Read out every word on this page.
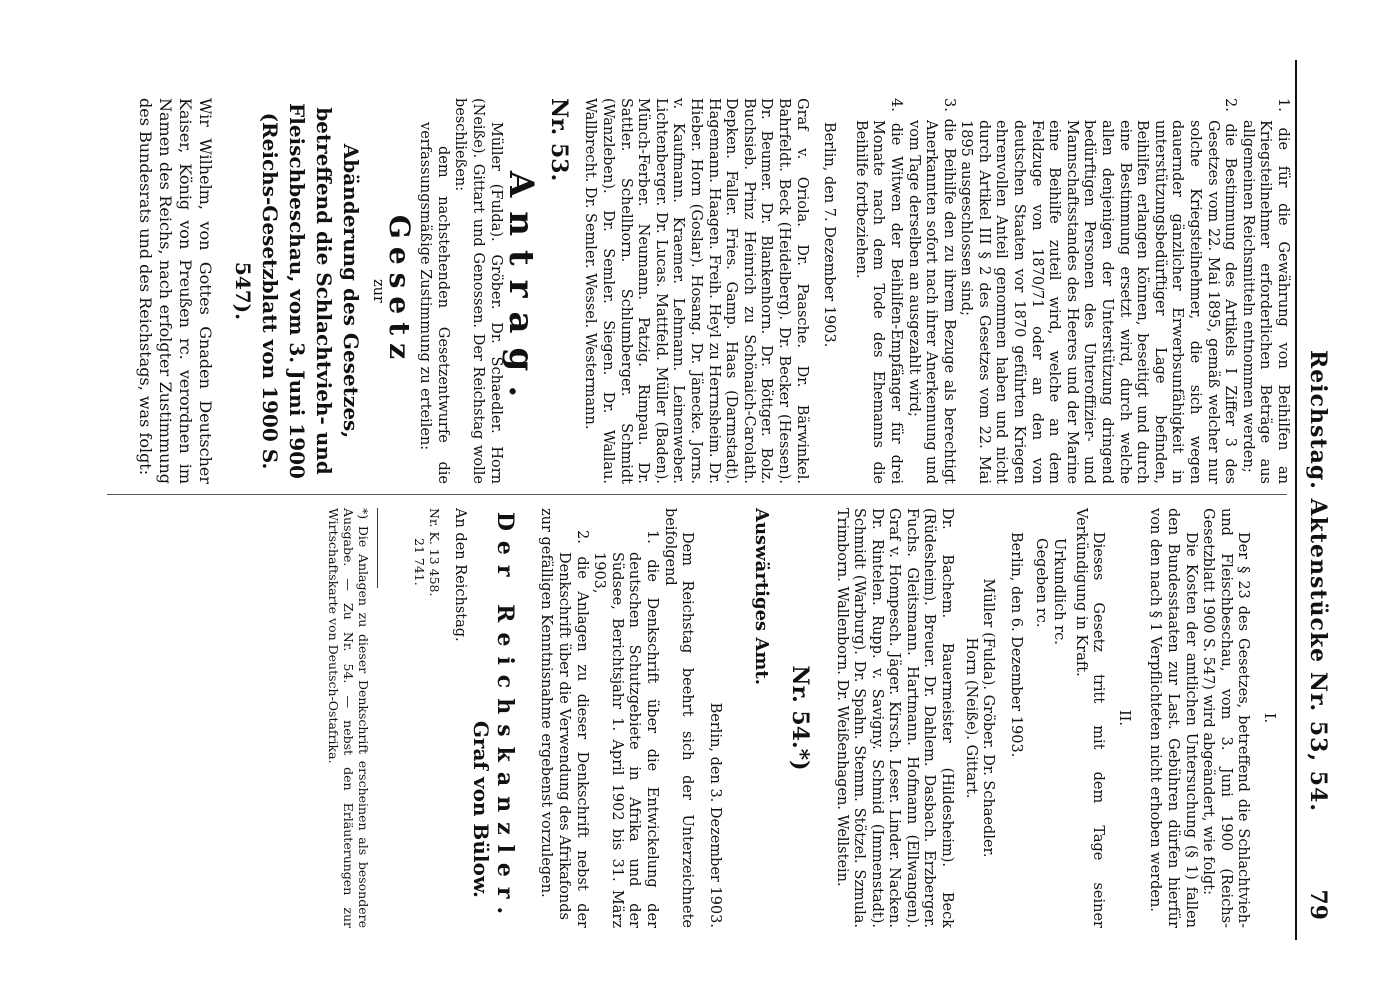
Reichstag. Aktenstücke Nr. 53, 54.
79

1. die für die Gewährung von Beihilfen an Kriegsteilnehmer erforderlichen Beträge aus allgemeinen Reichsmitteln entnommen werden;

2. die Bestimmung des Artikels I Ziffer 3 des Gesetzes vom 22. Mai 1895, gemäß welcher nur solche Kriegsteilnehmer, die sich wegen dauernder gänzlicher Erwerbsunfähigkeit in unterstützungsbedürftiger Lage befinden, Beihilfen erlangen können, beseitigt und durch eine Bestimmung ersetzt wird, durch welche allen denjenigen der Unterstützung dringend bedürftigen Personen des Unteroffizier- und Mannschaftsstandes des Heeres und der Marine eine Beihilfe zuteil wird, welche an dem Feldzuge von 1870/71 oder an den von deutschen Staaten vor 1870 geführten Kriegen ehrenvollen Anteil genommen haben und nicht durch Artikel III § 2 des Gesetzes vom 22. Mai 1895 ausgeschlossen sind;

3. die Beihilfe den zu ihrem Bezuge als berechtigt Anerkannten sofort nach ihrer Anerkennung und vom Tage derselben an ausgezahlt wird;

4. die Witwen der Beihilfen-Empfänger für drei Monate nach dem Tode des Ehemanns die Beihilfe fortbeziehen.

Berlin, den 7. Dezember 1903.

Graf v. Oriola. Dr. Paasche. Dr. Bärwinkel. Bahrfeldt. Beck (Heidelberg). Dr. Becker (Hessen). Dr. Beumer. Dr. Blankenhorn. Dr. Böttger. Bolz. Buchsieb. Prinz Heinrich zu Schönaich-Carolath. Depken. Faller. Fries. Gamp. Haas (Darmstadt). Hagemann. Haagen. Freih. Heyl zu Herrnsheim. Dr. Hieber. Horn (Goslar). Hosang. Dr. Jänecke. Jorns. v. Kaufmann. Kraemer. Lehmann. Leinenweber. Lichtenberger. Dr. Lucas. Mattfeld. Müller (Baden). Münch-Ferber. Neumann. Patzig. Rimpau. Dr. Sattler. Schellhorn. Schlumberger. Schmidt (Wanzleben). Dr. Semler. Siegen. Dr. Wallau. Wallbrecht. Dr. Semler. Wessel. Westermann.

Nr. 53.

Antrag.

Müller (Fulda). Gröber. Dr. Schaedler. Horn (Neiße). Gittart und Genossen. Der Reichstag wolle beschließen:

dem nachstehenden Gesetzentwurfe die verfassungsmäßige Zustimmung zu erteilen:

Gesetz
zur
Abänderung des Gesetzes, betreffend die Schlachtvieh- und Fleischbeschau, vom 3. Juni 1900 (Reichs-Gesetzblatt von 1900 S. 547).

Wir Wilhelm, von Gottes Gnaden Deutscher Kaiser, König von Preußen rc. verordnen im Namen des Reichs, nach erfolgter Zustimmung des Bundesrats und des Reichstags, was folgt:

I.

Der § 23 des Gesetzes, betreffend die Schlachtvieh- und Fleischbeschau, vom 3. Juni 1900 (Reichs-Gesetzblatt 1900 S. 547) wird abgeändert, wie folgt:

Die Kosten der amtlichen Untersuchung (§ 1) fallen den Bundesstaaten zur Last. Gebühren dürfen hierfür von den nach § 1 Verpflichteten nicht erhoben werden.

II.

Dieses Gesetz tritt mit dem Tage seiner Verkündigung in Kraft.

Urkundlich rc.

Gegeben rc.

Berlin, den 6. Dezember 1903.

Müller (Fulda). Gröber. Dr. Schaedler. Horn (Neiße). Gittart.

Dr. Bachem. Bauermeister (Hildesheim). Beck (Rüdesheim). Breuer. Dr. Dahlem. Dasbach. Erzberger. Fuchs. Gleitsmann. Hartmann. Hofmann (Ellwangen). Graf v. Hompesch. Jäger. Kirsch. Leser. Linder. Nacken. Dr. Rintelen. Rupp. v. Savigny. Schmid (Immenstadt). Schmidt (Warburg). Dr. Spahn. Stemm. Stötzel. Szmula. Trimborn. Wallenborn. Dr. Weißenhagen. Wellstein.

Nr. 54.*)
Auswärtiges Amt.

Berlin, den 3. Dezember 1903.

Dem Reichstag beehrt sich der Unterzeichnete beifolgend

1. die Denkschrift über die Entwickelung der deutschen Schutzgebiete in Afrika und der Südsee, Berichtsjahr 1. April 1902 bis 31. März 1903,

2. die Anlagen zu dieser Denkschrift nebst der Denkschrift über die Verwendung des Afrikafonds

zur gefälligen Kenntnisnahme ergebenst vorzulegen.

Der Reichskanzler.
Graf von Bülow.

An den Reichstag.

Nr. K. 13 458.
21 741.

*) Die Anlagen zu dieser Denkschrift erscheinen als besondere Ausgabe. — Zu Nr. 54. — nebst den Erläuterungen zur Wirtschaftskarte von Deutsch-Ostafrika.
